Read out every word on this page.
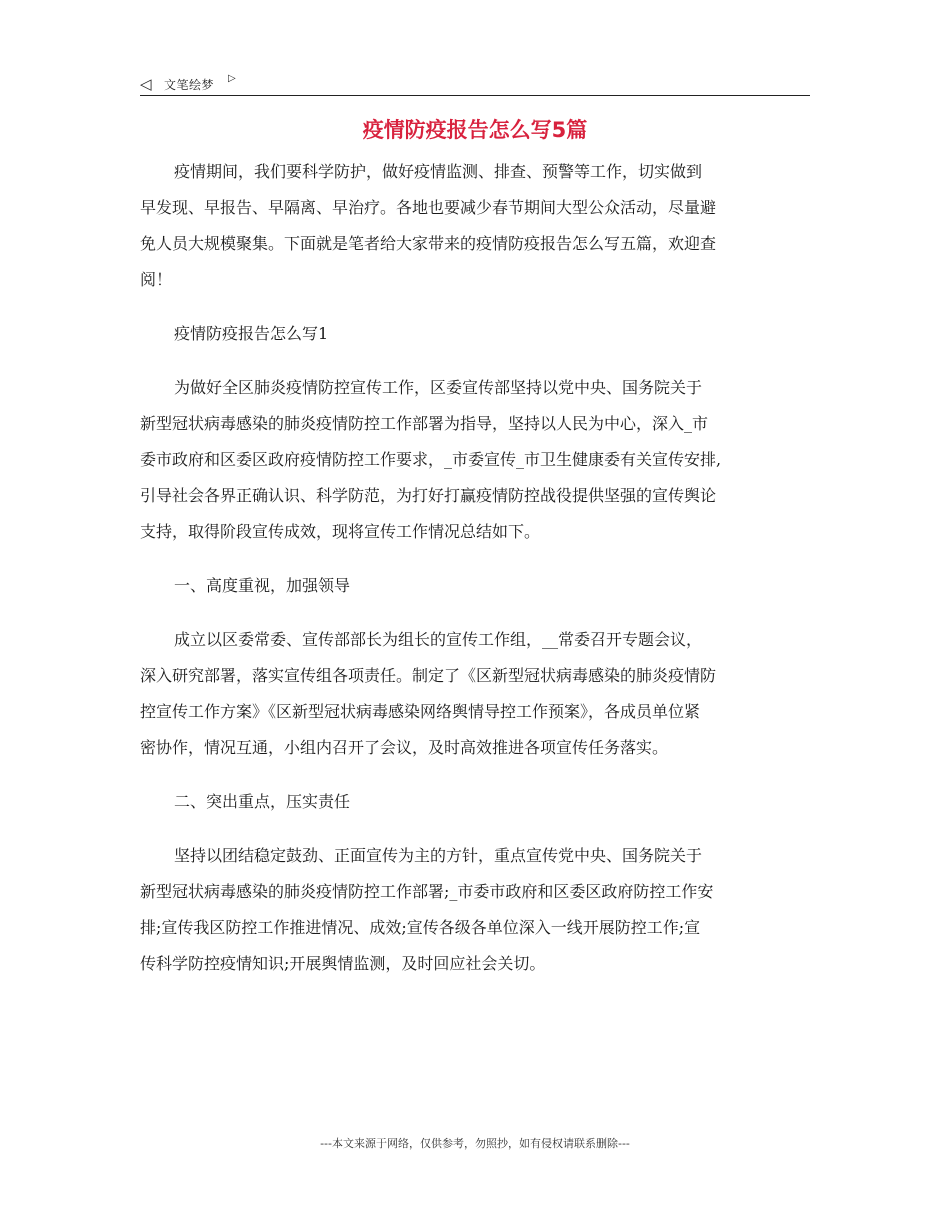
◁ 文笔绘梦 ▷
疫情防疫报告怎么写5篇

疫情期间，我们要科学防护，做好疫情监测、排查、预警等工作，切实做到
早发现、早报告、早隔离、早治疗。各地也要减少春节期间大型公众活动，尽量避
免人员大规模聚集。下面就是笔者给大家带来的疫情防疫报告怎么写五篇，欢迎查
阅！

疫情防疫报告怎么写1

为做好全区肺炎疫情防控宣传工作，区委宣传部坚持以党中央、国务院关于
新型冠状病毒感染的肺炎疫情防控工作部署为指导，坚持以人民为中心，深入_市
委市政府和区委区政府疫情防控工作要求，_市委宣传_市卫生健康委有关宣传安排,
引导社会各界正确认识、科学防范，为打好打赢疫情防控战役提供坚强的宣传舆论
支持，取得阶段宣传成效，现将宣传工作情况总结如下。

一、高度重视，加强领导

成立以区委常委、宣传部部长为组长的宣传工作组，__常委召开专题会议，
深入研究部署，落实宣传组各项责任。制定了《区新型冠状病毒感染的肺炎疫情防
控宣传工作方案》《区新型冠状病毒感染网络舆情导控工作预案》，各成员单位紧
密协作，情况互通，小组内召开了会议，及时高效推进各项宣传任务落实。

二、突出重点，压实责任

坚持以团结稳定鼓劲、正面宣传为主的方针，重点宣传党中央、国务院关于
新型冠状病毒感染的肺炎疫情防控工作部署;_市委市政府和区委区政府防控工作安
排;宣传我区防控工作推进情况、成效;宣传各级各单位深入一线开展防控工作;宣
传科学防控疫情知识;开展舆情监测，及时回应社会关切。

---本文来源于网络，仅供参考，勿照抄，如有侵权请联系删除---
